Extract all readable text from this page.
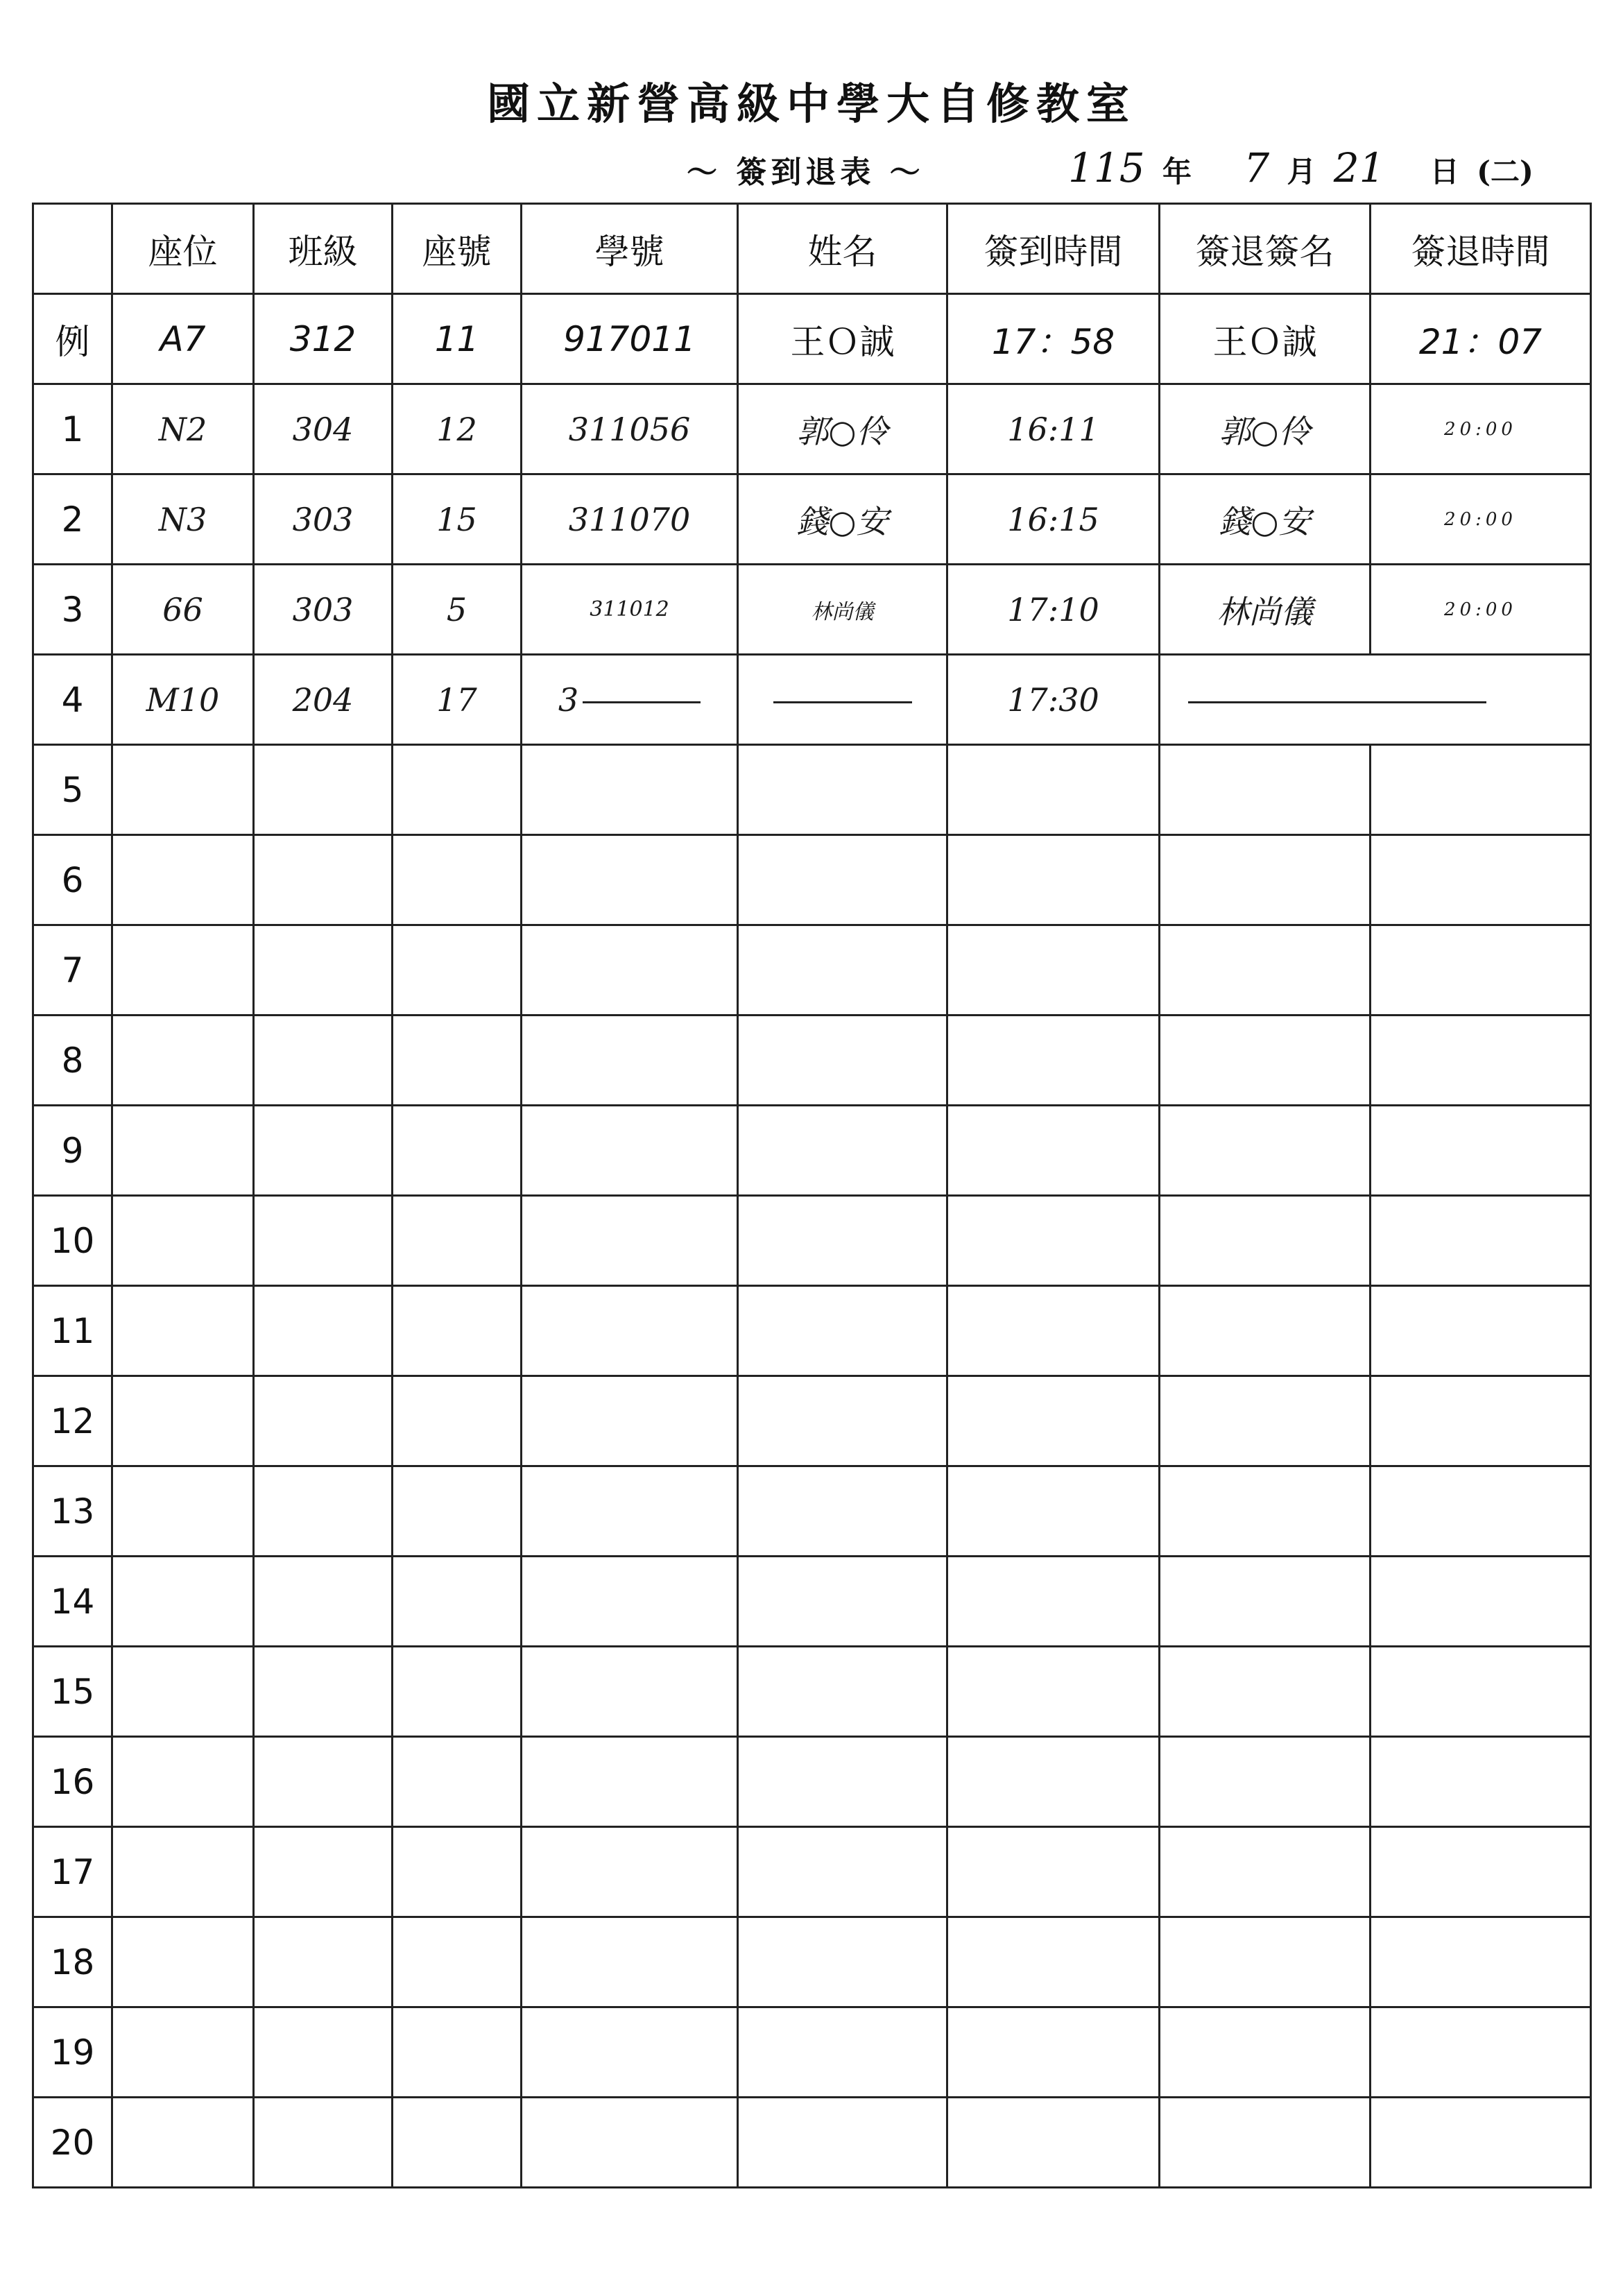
國立新營高級中學大自修教室
～ 簽到退表 ～	115 年 7 月 21 日 (二)
	座位	班級	座號	學號	姓名	簽到時間	簽退簽名	簽退時間
例	A7	312	11	917011	王Ｏ誠	17：58	王Ｏ誠	21：07
1	N2	304	12	311056	郭○伶	16:11	郭○伶	20:00
2	N3	303	15	311070	錢○安	16:15	錢○安	20:00
3	66	303	5	311012	林尚儀	17:10	林尚儀	20:00
4	M10	204	17	3		17:30		
5								
6								
7								
8								
9								
10								
11								
12								
13								
14								
15								
16								
17								
18								
19								
20								
